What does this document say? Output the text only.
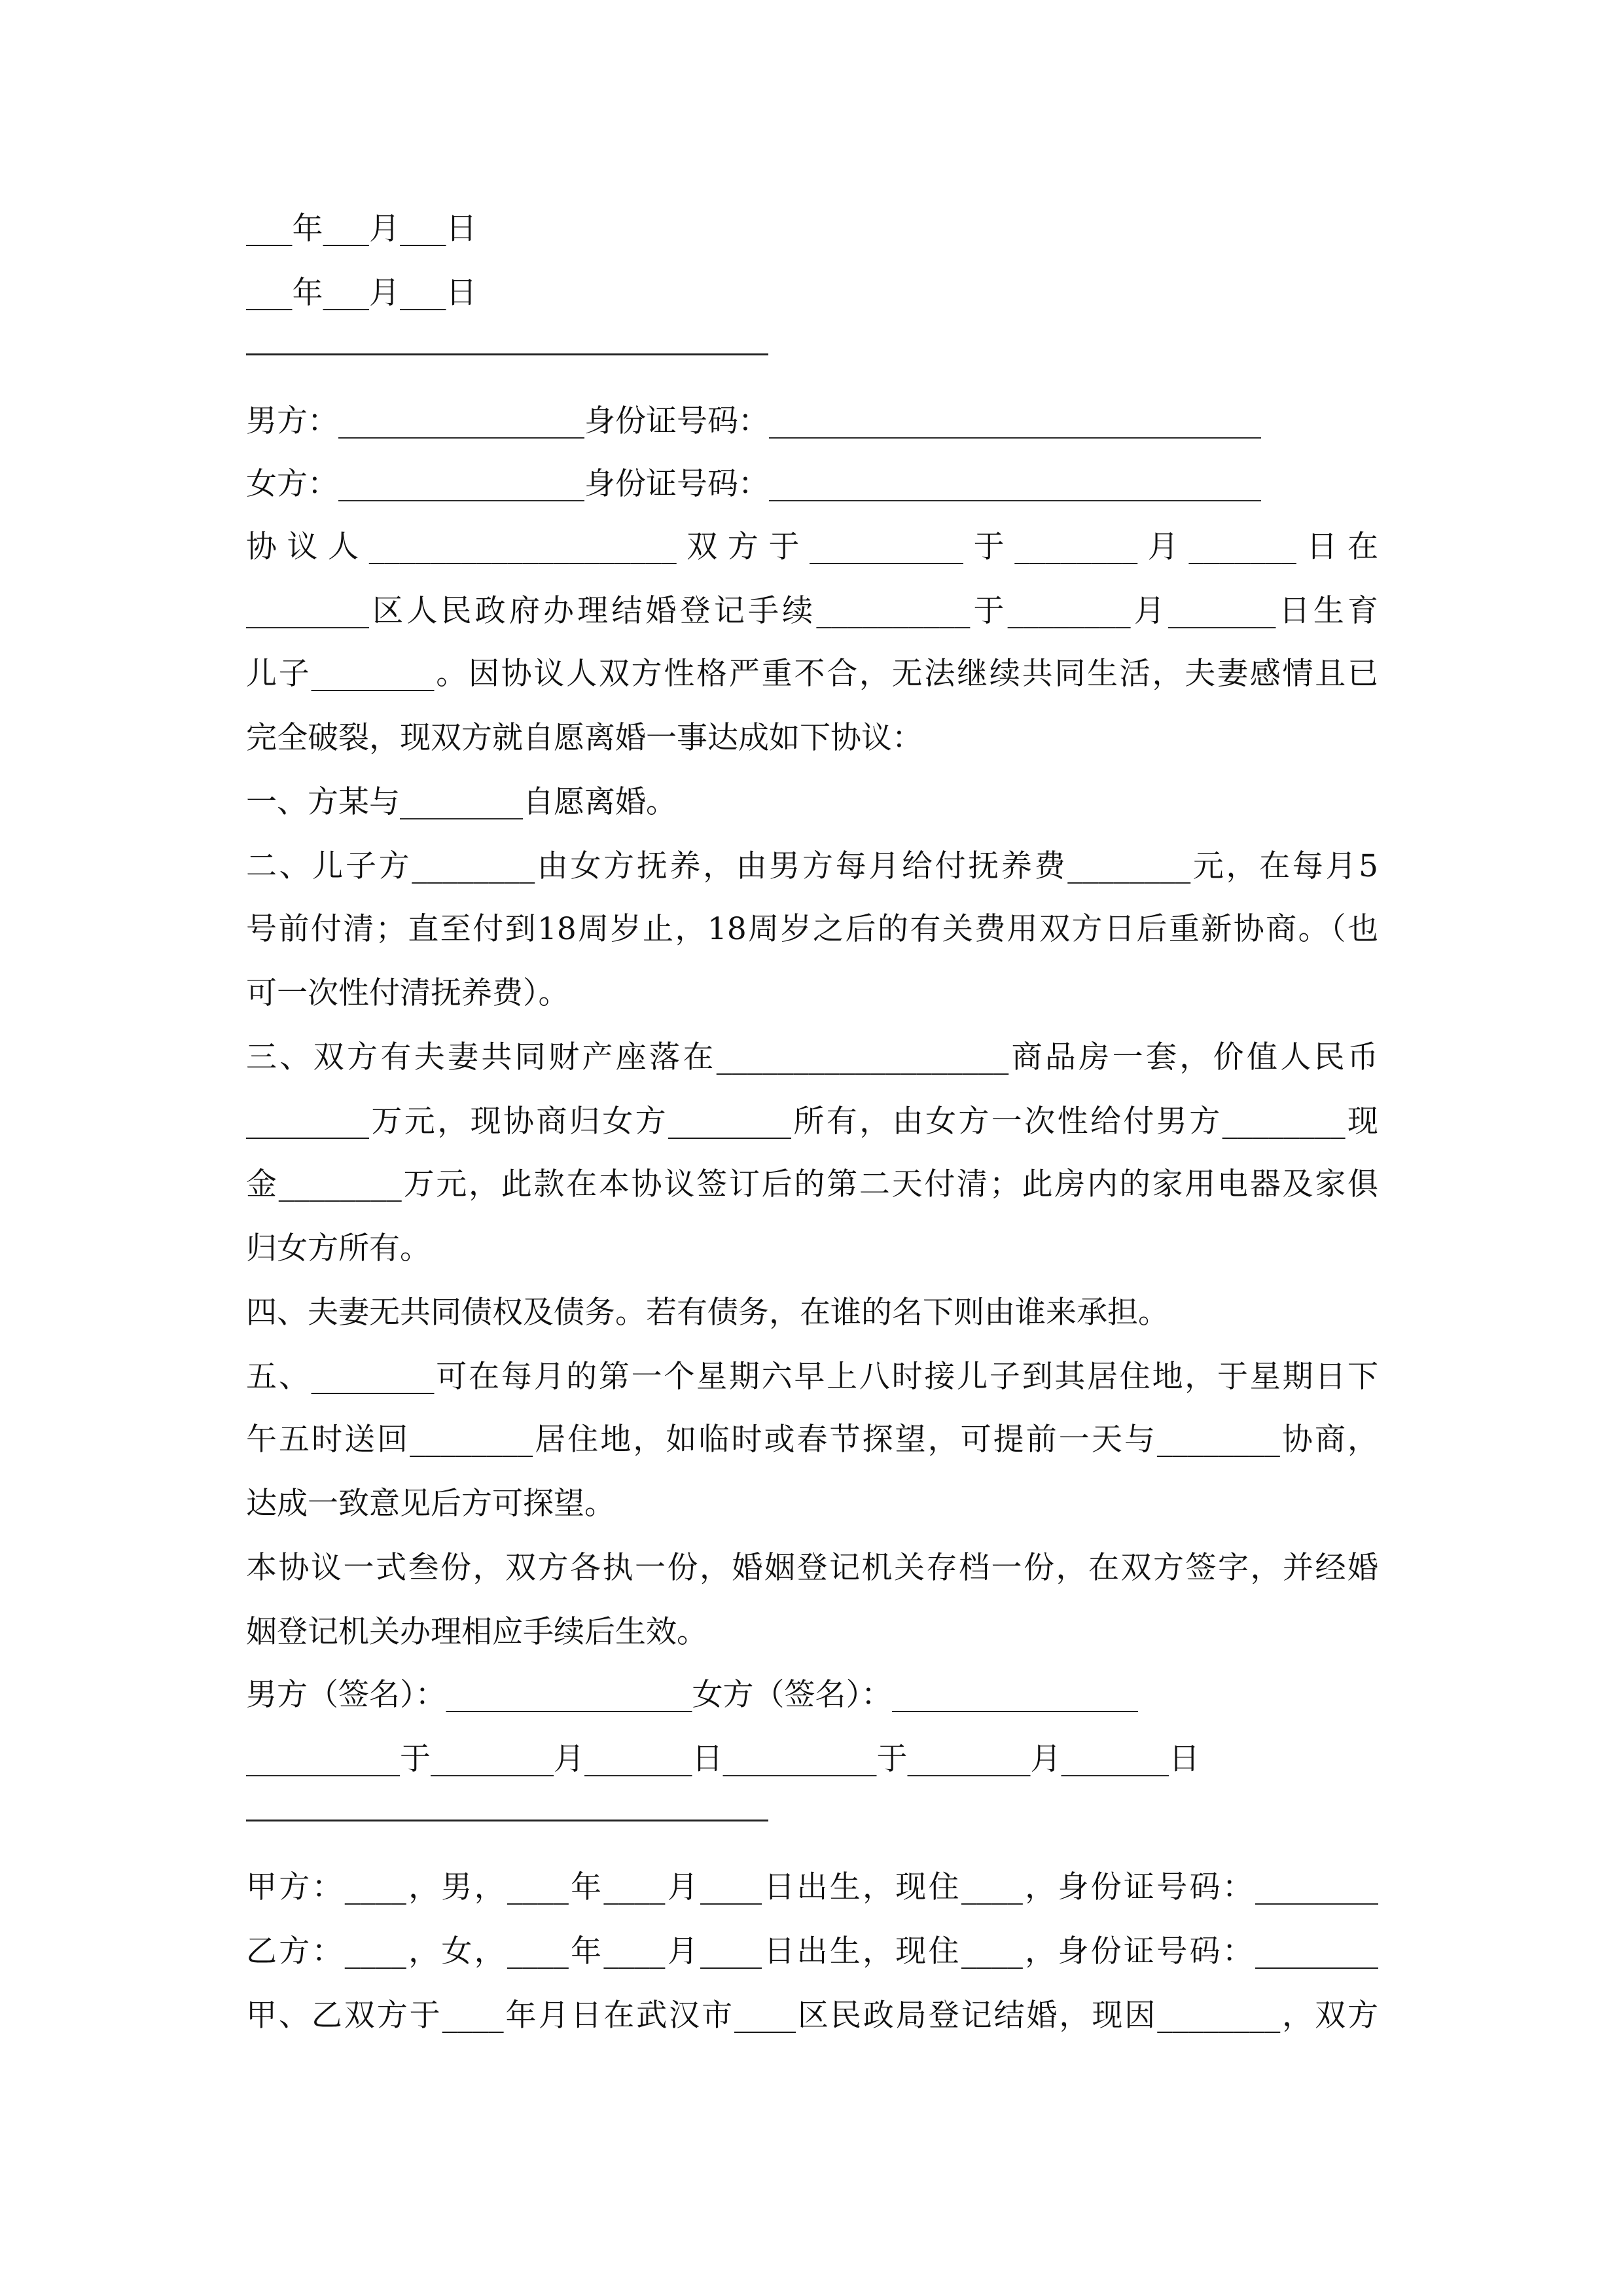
___年___月___日
___年___月___日
男方：________________身份证号码：________________________________
女方：________________身份证号码：________________________________
协议人____________________双方于__________于________月_______日在
________区人民政府办理结婚登记手续__________于________月_______日生育
儿子________。因协议人双方性格严重不合，无法继续共同生活，夫妻感情且已
完全破裂，现双方就自愿离婚一事达成如下协议：
一、方某与________自愿离婚。
二、儿子方________由女方抚养，由男方每月给付抚养费________元，在每月5
号前付清；直至付到18周岁止，18周岁之后的有关费用双方日后重新协商。（也
可一次性付清抚养费）。
三、双方有夫妻共同财产座落在___________________商品房一套，价值人民币
________万元，现协商归女方________所有，由女方一次性给付男方________现
金________万元，此款在本协议签订后的第二天付清；此房内的家用电器及家俱
归女方所有。
四、夫妻无共同债权及债务。若有债务，在谁的名下则由谁来承担。
五、________可在每月的第一个星期六早上八时接儿子到其居住地，于星期日下
午五时送回________居住地，如临时或春节探望，可提前一天与________协商，
达成一致意见后方可探望。
本协议一式叁份，双方各执一份，婚姻登记机关存档一份，在双方签字，并经婚
姻登记机关办理相应手续后生效。
男方（签名）：________________女方（签名）：________________
__________于________月_______日__________于________月_______日
甲方：____，男，____年____月____日出生，现住____，身份证号码：________
乙方：____，女，____年____月____日出生，现住____，身份证号码：________
甲、乙双方于____年月日在武汉市____区民政局登记结婚，现因________，双方
